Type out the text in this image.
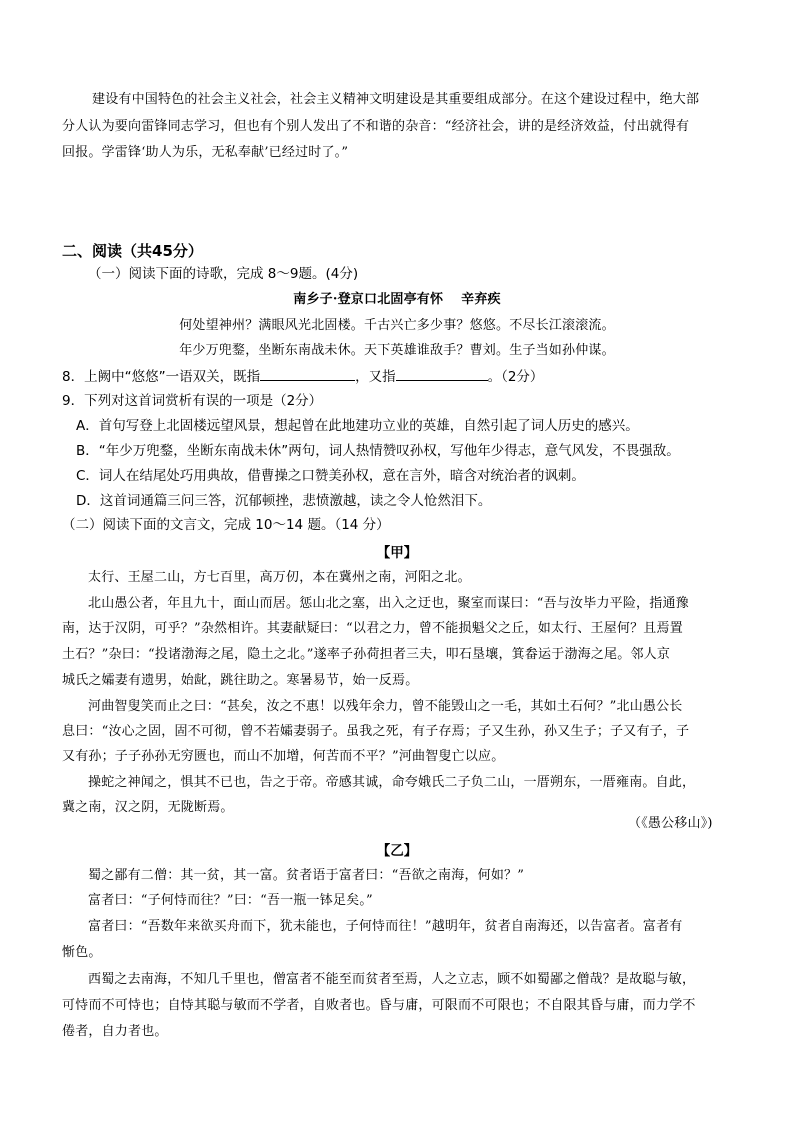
建设有中国特色的社会主义社会，社会主义精神文明建设是其重要组成部分。在这个建设过程中，绝大部
分人认为要向雷锋同志学习，但也有个别人发出了不和谐的杂音：“经济社会，讲的是经济效益，付出就得有
回报。学雷锋‘助人为乐，无私奉献’已经过时了。”
二、阅读（共45分）
（一）阅读下面的诗歌，完成 8～9题。(4分)
南乡子·登京口北固亭有怀　 辛弃疾
何处望神州？满眼风光北固楼。千古兴亡多少事？悠悠。不尽长江滚滚流。
年少万兜鍪，坐断东南战未休。天下英雄谁敌手？曹刘。生子当如孙仲谋。
8．上阙中“悠悠”一语双关，既指	，又指	。（2分）
9．下列对这首词赏析有误的一项是（2分）
A．首句写登上北固楼远望风景，想起曾在此地建功立业的英雄，自然引起了词人历史的感兴。
B．“年少万兜鍪，坐断东南战未休”两句，词人热情赞叹孙权，写他年少得志，意气风发，不畏强敌。
C．词人在结尾处巧用典故，借曹操之口赞美孙权，意在言外，暗含对统治者的讽刺。
D．这首词通篇三问三答，沉郁顿挫，悲愤激越，读之令人怆然泪下。
（二）阅读下面的文言文，完成 10～14 题。（14 分）
【甲】
太行、王屋二山，方七百里，高万仞，本在冀州之南，河阳之北。
北山愚公者，年且九十，面山而居。惩山北之塞，出入之迂也，聚室而谋曰：“吾与汝毕力平险，指通豫
南，达于汉阴，可乎？”杂然相许。其妻献疑曰：“以君之力，曾不能损魁父之丘，如太行、王屋何？且焉置
土石？”杂曰：“投诸渤海之尾，隐土之北。”遂率子孙荷担者三夫，叩石垦壤，箕畚运于渤海之尾。邻人京
城氏之孀妻有遗男，始龀，跳往助之。寒暑易节，始一反焉。
河曲智叟笑而止之曰：“甚矣，汝之不惠！以残年余力，曾不能毁山之一毛，其如土石何？”北山愚公长
息曰：“汝心之固，固不可彻，曾不若孀妻弱子。虽我之死，有子存焉；子又生孙，孙又生子；子又有子，子
又有孙；子子孙孙无穷匮也，而山不加增，何苦而不平？”河曲智叟亡以应。
操蛇之神闻之，惧其不已也，告之于帝。帝感其诚，命夸娥氏二子负二山，一厝朔东，一厝雍南。自此，
冀之南，汉之阴，无陇断焉。
（《愚公移山》)
【乙】
蜀之鄙有二僧：其一贫，其一富。贫者语于富者曰：“吾欲之南海，何如？”
富者曰：“子何恃而往？”曰：“吾一瓶一钵足矣。”
富者曰：“吾数年来欲买舟而下，犹未能也，子何恃而往！”越明年，贫者自南海还，以告富者。富者有
惭色。
西蜀之去南海，不知几千里也，僧富者不能至而贫者至焉，人之立志，顾不如蜀鄙之僧哉？是故聪与敏，
可恃而不可恃也；自恃其聪与敏而不学者，自败者也。昏与庸，可限而不可限也；不自限其昏与庸，而力学不
倦者，自力者也。
